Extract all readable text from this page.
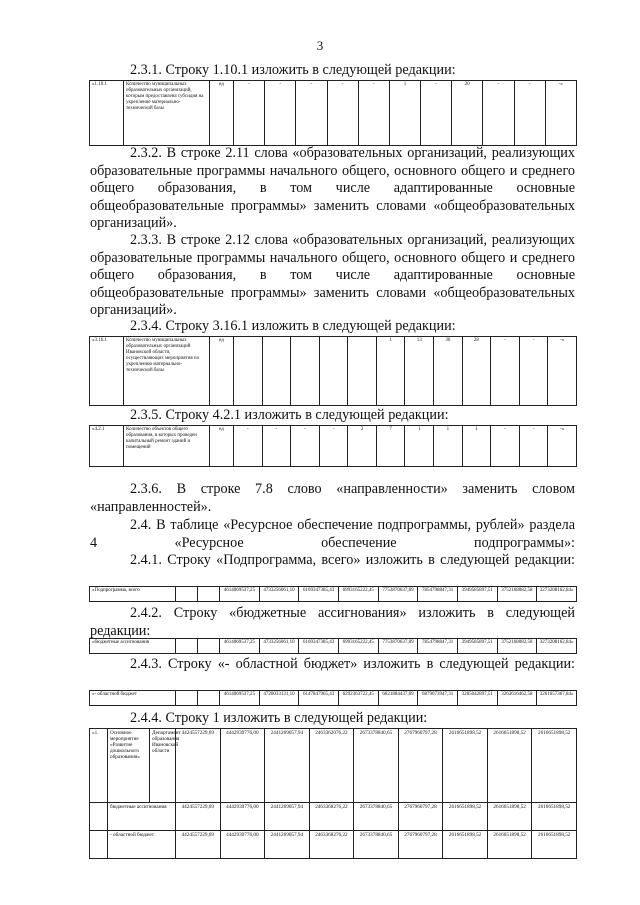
3

2.3.1. Строку 1.10.1 изложить в следующей редакции:

«1.10.1	Количество муниципальных образовательных организаций, которым предоставлена субсидия на укрепление материально-технической базы	ед	-	-	-	-	-	1	-	20	-	-	-»

2.3.2. В строке 2.11 слова «образовательных организаций, реализующих образовательные программы начального общего, основного общего и среднего общего образования, в том числе адаптированные основные общеобразовательные программы» заменить словами «общеобразовательных организаций».

2.3.3. В строке 2.12 слова «образовательных организаций, реализующих образовательные программы начального общего, основного общего и среднего общего образования, в том числе адаптированные основные общеобразовательные программы» заменить словами «общеобразовательных организаций».

2.3.4. Строку 3.16.1 изложить в следующей редакции:

«3.16.1	Количество муниципальных образовательных организаций Ивановской области, осуществляющих мероприятия по укреплению материально-технической базы	ед						1	13	36	28	-	-	-»

2.3.5. Строку 4.2.1 изложить в следующей редакции:

«4.2.1	Количество объектов общего образования, в которых проведен капитальный ремонт зданий и помещений	ед	-	-	-	-	2	7	1	1	1	-	-	-»

2.3.6. В строке 7.8 слово «направленности» заменить словом «направленностей».

2.4. В таблице «Ресурсное обеспечение подпрограммы, рублей» раздела 4 «Ресурсное обеспечение подпрограммы»:

2.4.1. Строку «Подпрограмма, всего» изложить в следующей редакции:

«Подпрограмма, всего			4614069537,25	4733256061,10	6169347385,43	6993165222,45	7753870637,89	7854798847,31	3949585897,51	3752168082,58	3273208162,84»

2.4.2. Строку «бюджетные ассигнования» изложить в следующей редакции:

«бюджетные ассигнования			4614069537,25	4733256061,10	6169347385,43	6993165222,45	7753870637,89	7854798847,31	3949585897,51	3752168082,58	3273208162,84»

2.4.3. Строку «- областной бюджет» изложить в следующей редакции:

«- областной бюджет			4614069537,25	4720033131,10	6147847965,43	6292363722,45	6821884437,89	6879073947,31	3285042897,51	3263616462,58	3261657367,84»

2.4.4. Строку 1 изложить в следующей редакции:

«1.	Основное мероприятие «Развитие дошкольного образования»	Департамент образования Ивановской области	4424557229,69	4442939776,00	2441269057,94	2463362076,22	2673378840,65	2767960797,28	2616651898,52	2616651898,52	2616651898,52
	бюджетные ассигнования		4424557229,69	4442939776,00	2441269057,94	2463368276,22	2673378840,65	2767960797,28	2616651898,52	2616651898,52	2616651898,52
	- областной бюджет		4424557229,69	4442939776,00	2441269057,94	2463368276,22	2673378840,65	2767960797,28	2616651898,52	2616651898,52	2616651898,52
